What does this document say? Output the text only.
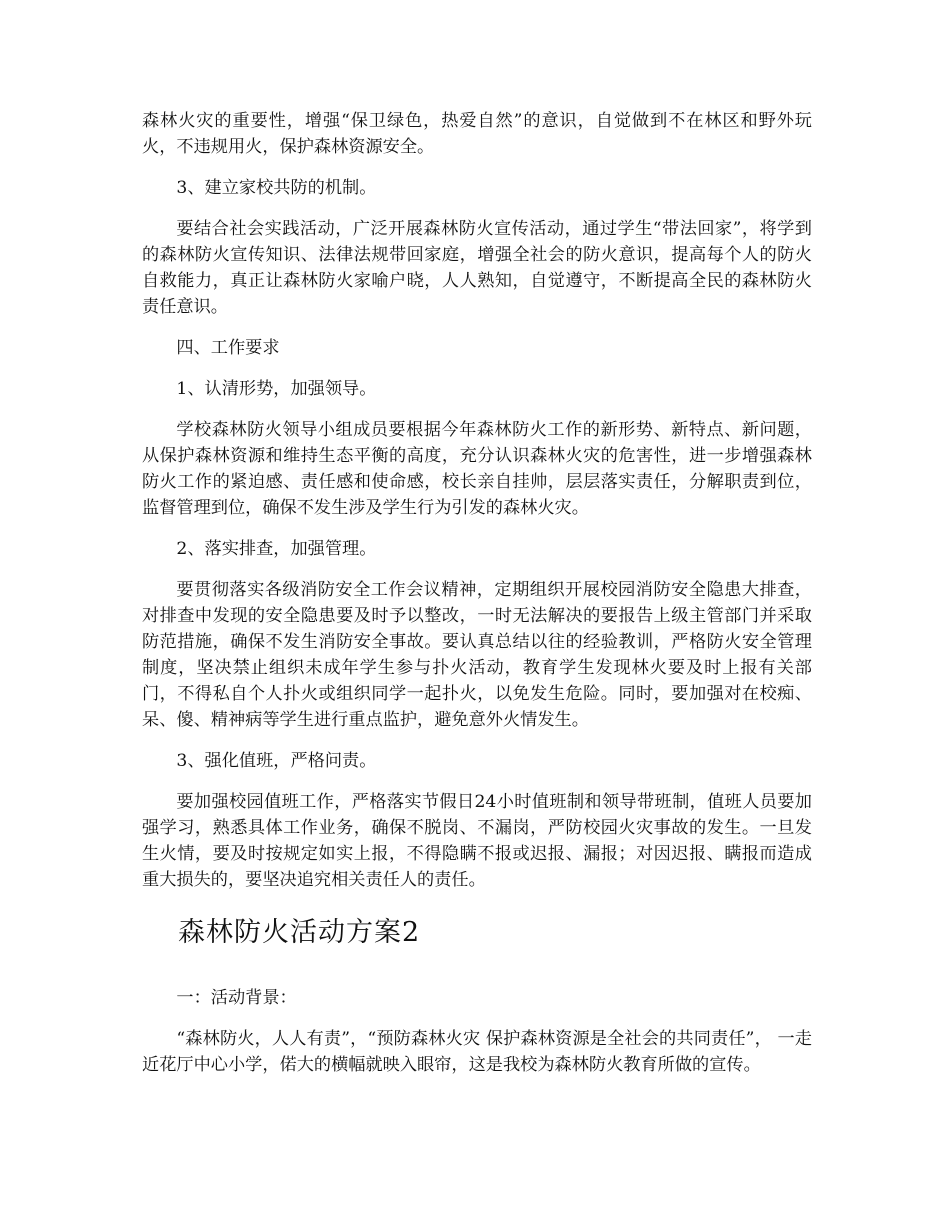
森林火灾的重要性，增强“保卫绿色，热爱自然”的意识，自觉做到不在林区和野外玩火，不违规用火，保护森林资源安全。

3、建立家校共防的机制。

要结合社会实践活动，广泛开展森林防火宣传活动，通过学生“带法回家”，将学到的森林防火宣传知识、法律法规带回家庭，增强全社会的防火意识，提高每个人的防火自救能力，真正让森林防火家喻户晓，人人熟知，自觉遵守，不断提高全民的森林防火责任意识。

四、工作要求

1、认清形势，加强领导。

学校森林防火领导小组成员要根据今年森林防火工作的新形势、新特点、新问题，从保护森林资源和维持生态平衡的高度，充分认识森林火灾的危害性，进一步增强森林防火工作的紧迫感、责任感和使命感，校长亲自挂帅，层层落实责任，分解职责到位，监督管理到位，确保不发生涉及学生行为引发的森林火灾。

2、落实排查，加强管理。

要贯彻落实各级消防安全工作会议精神，定期组织开展校园消防安全隐患大排查，对排查中发现的安全隐患要及时予以整改，一时无法解决的要报告上级主管部门并采取防范措施，确保不发生消防安全事故。要认真总结以往的经验教训，严格防火安全管理制度，坚决禁止组织未成年学生参与扑火活动，教育学生发现林火要及时上报有关部门，不得私自个人扑火或组织同学一起扑火，以免发生危险。同时，要加强对在校痴、呆、傻、精神病等学生进行重点监护，避免意外火情发生。

3、强化值班，严格问责。

要加强校园值班工作，严格落实节假日24小时值班制和领导带班制，值班人员要加强学习，熟悉具体工作业务，确保不脱岗、不漏岗，严防校园火灾事故的发生。一旦发生火情，要及时按规定如实上报，不得隐瞒不报或迟报、漏报；对因迟报、瞒报而造成重大损失的，要坚决追究相关责任人的责任。

森林防火活动方案2

一：活动背景：

“森林防火，人人有责”，“预防森林火灾 保护森林资源是全社会的共同责任”， 一走近花厅中心小学，偌大的横幅就映入眼帘，这是我校为森林防火教育所做的宣传。
